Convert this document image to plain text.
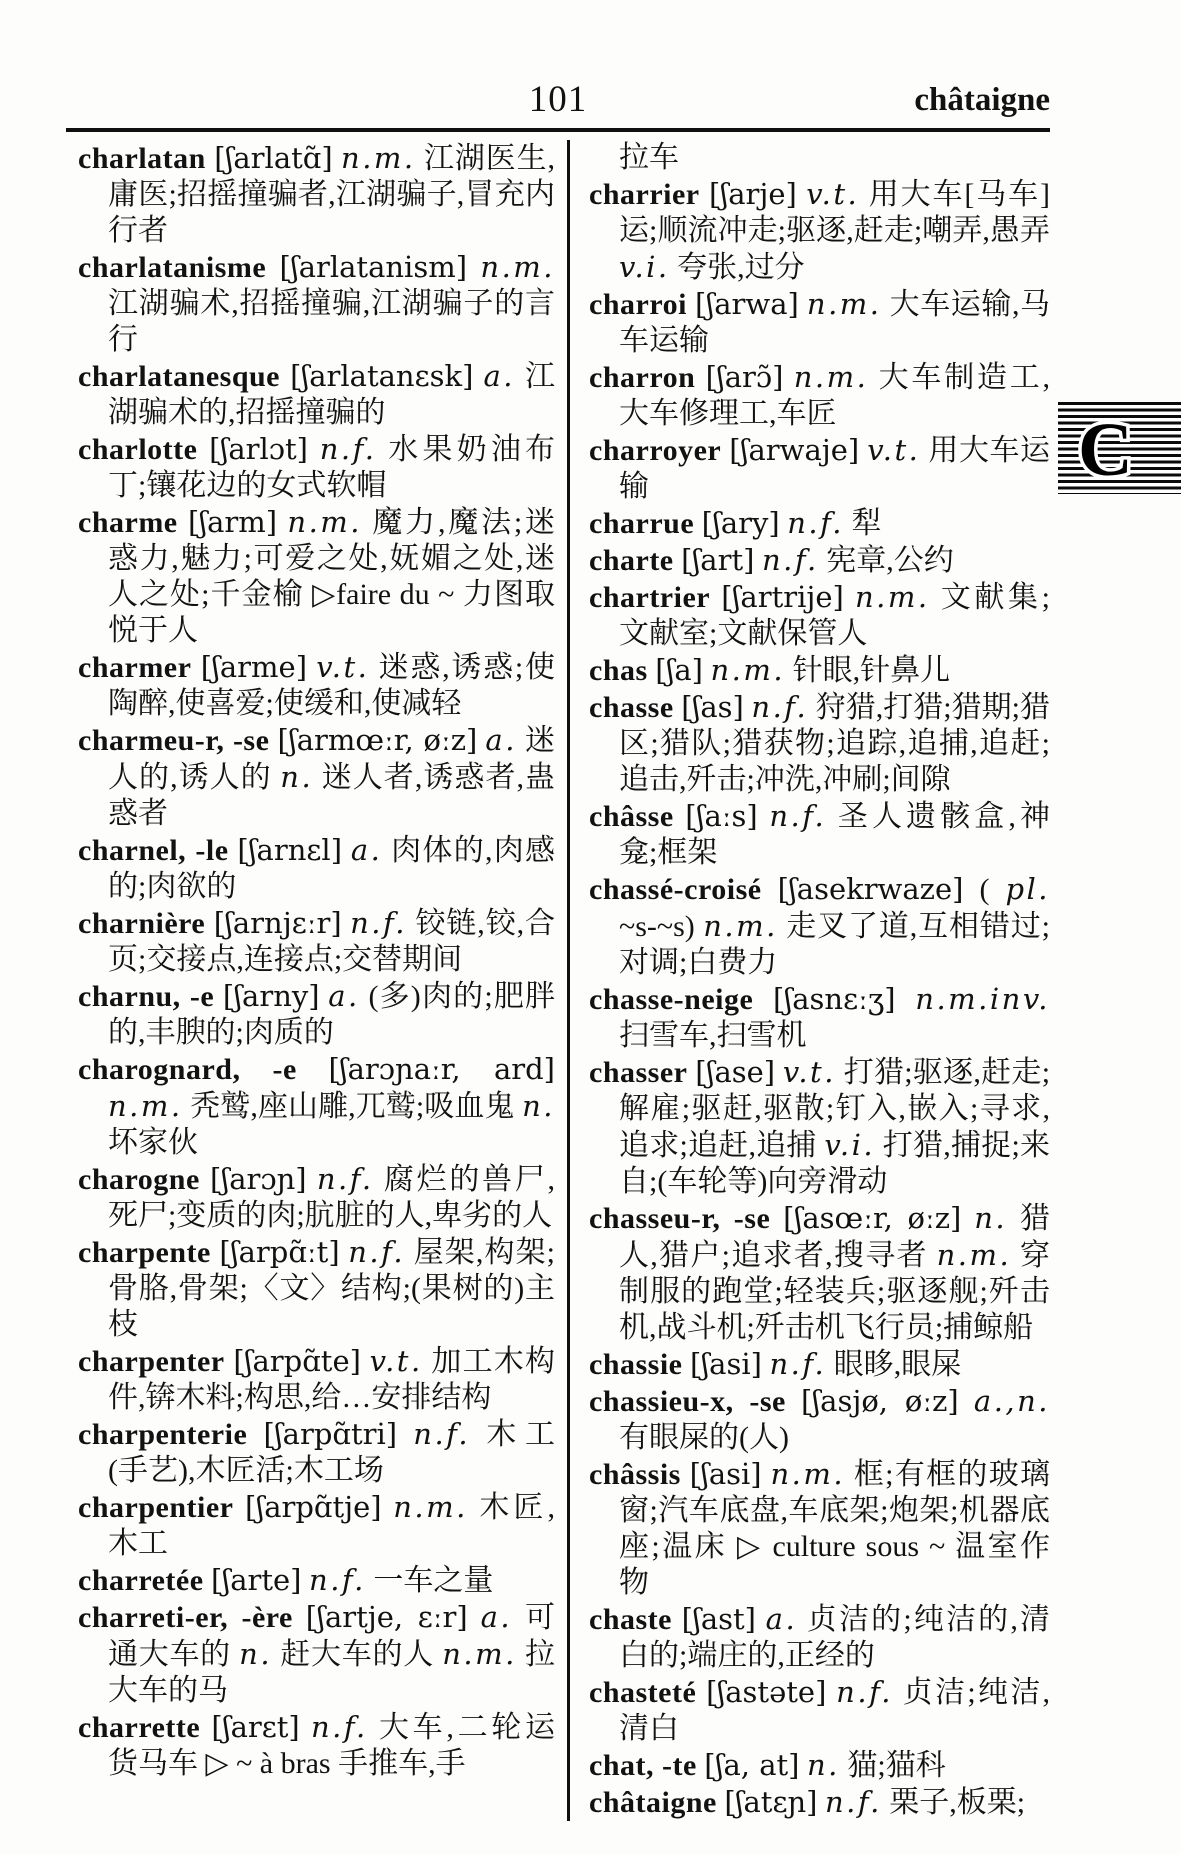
101	châtaigne

charlatan [ʃarlatɑ̃] n.m. 江湖医生,庸医;招摇撞骗者,江湖骗子,冒充内行者

charlatanisme [ʃarlatanism] n.m. 江湖骗术,招摇撞骗,江湖骗子的言行

charlatanesque [ʃarlatanɛsk] a. 江湖骗术的,招摇撞骗的

charlotte [ʃarlɔt] n.f. 水果奶油布丁;镶花边的女式软帽

charme [ʃarm] n.m. 魔力,魔法;迷惑力,魅力;可爱之处,妩媚之处,迷人之处;千金榆 ▷faire du ~ 力图取悦于人

charmer [ʃarme] v.t. 迷惑,诱惑;使陶醉,使喜爱;使缓和,使减轻

charmeu-r, -se [ʃarmœːr, øːz] a. 迷人的,诱人的 n. 迷人者,诱惑者,蛊惑者

charnel, -le [ʃarnɛl] a. 肉体的,肉感的;肉欲的

charnière [ʃarnjɛːr] n.f. 铰链,铰,合页;交接点,连接点;交替期间

charnu, -e [ʃarny] a. (多)肉的;肥胖的,丰腴的;肉质的

charognard, -e [ʃarɔɲaːr, ard] n.m. 秃鹫,座山雕,兀鹫;吸血鬼 n. 坏家伙

charogne [ʃarɔɲ] n.f. 腐烂的兽尸,死尸;变质的肉;肮脏的人,卑劣的人

charpente [ʃarpɑ̃ːt] n.f. 屋架,构架;骨胳,骨架;〈文〉结构;(果树的)主枝

charpenter [ʃarpɑ̃te] v.t. 加工木构件,锛木料;构思,给…安排结构

charpenterie [ʃarpɑ̃tri] n.f. 木工(手艺),木匠活;木工场

charpentier [ʃarpɑ̃tje] n.m. 木匠,木工

charretée [ʃarte] n.f. 一车之量

charreti-er, -ère [ʃartje, ɛːr] a. 可通大车的 n. 赶大车的人 n.m. 拉大车的马

charrette [ʃarɛt] n.f. 大车,二轮运货马车 ▷ ~ à bras 手推车,手

拉车

charrier [ʃarje] v.t. 用大车[马车]运;顺流冲走;驱逐,赶走;嘲弄,愚弄 v.i. 夸张,过分

charroi [ʃarwa] n.m. 大车运输,马车运输

charron [ʃarɔ̃] n.m. 大车制造工,大车修理工,车匠

charroyer [ʃarwaje] v.t. 用大车运输

charrue [ʃary] n.f. 犁

charte [ʃart] n.f. 宪章,公约

chartrier [ʃartrije] n.m. 文献集;文献室;文献保管人

chas [ʃa] n.m. 针眼,针鼻儿

chasse [ʃas] n.f. 狩猎,打猎;猎期;猎区;猎队;猎获物;追踪,追捕,追赶;追击,歼击;冲洗,冲刷;间隙

châsse [ʃaːs] n.f. 圣人遗骸盒,神龛;框架

chassé-croisé [ʃasekrwaze] ( pl. ~s-~s) n.m. 走叉了道,互相错过;对调;白费力

chasse-neige [ʃasnɛːʒ] n.m.inv. 扫雪车,扫雪机

chasser [ʃase] v.t. 打猎;驱逐,赶走;解雇;驱赶,驱散;钉入,嵌入;寻求,追求;追赶,追捕 v.i. 打猎,捕捉;来自;(车轮等)向旁滑动

chasseu-r, -se [ʃasœːr, øːz] n. 猎人,猎户;追求者,搜寻者 n.m. 穿制服的跑堂;轻装兵;驱逐舰;歼击机,战斗机;歼击机飞行员;捕鲸船

chassie [ʃasi] n.f. 眼眵,眼屎

chassieu-x, -se [ʃasjø, øːz] a.,n. 有眼屎的(人)

châssis [ʃasi] n.m. 框;有框的玻璃窗;汽车底盘,车底架;炮架;机器底座;温床 ▷ culture sous ~ 温室作物

chaste [ʃast] a. 贞洁的;纯洁的,清白的;端庄的,正经的

chasteté [ʃastəte] n.f. 贞洁;纯洁,清白

chat, -te [ʃa, at] n. 猫;猫科

châtaigne [ʃatɛɲ] n.f. 栗子,板栗;

C
